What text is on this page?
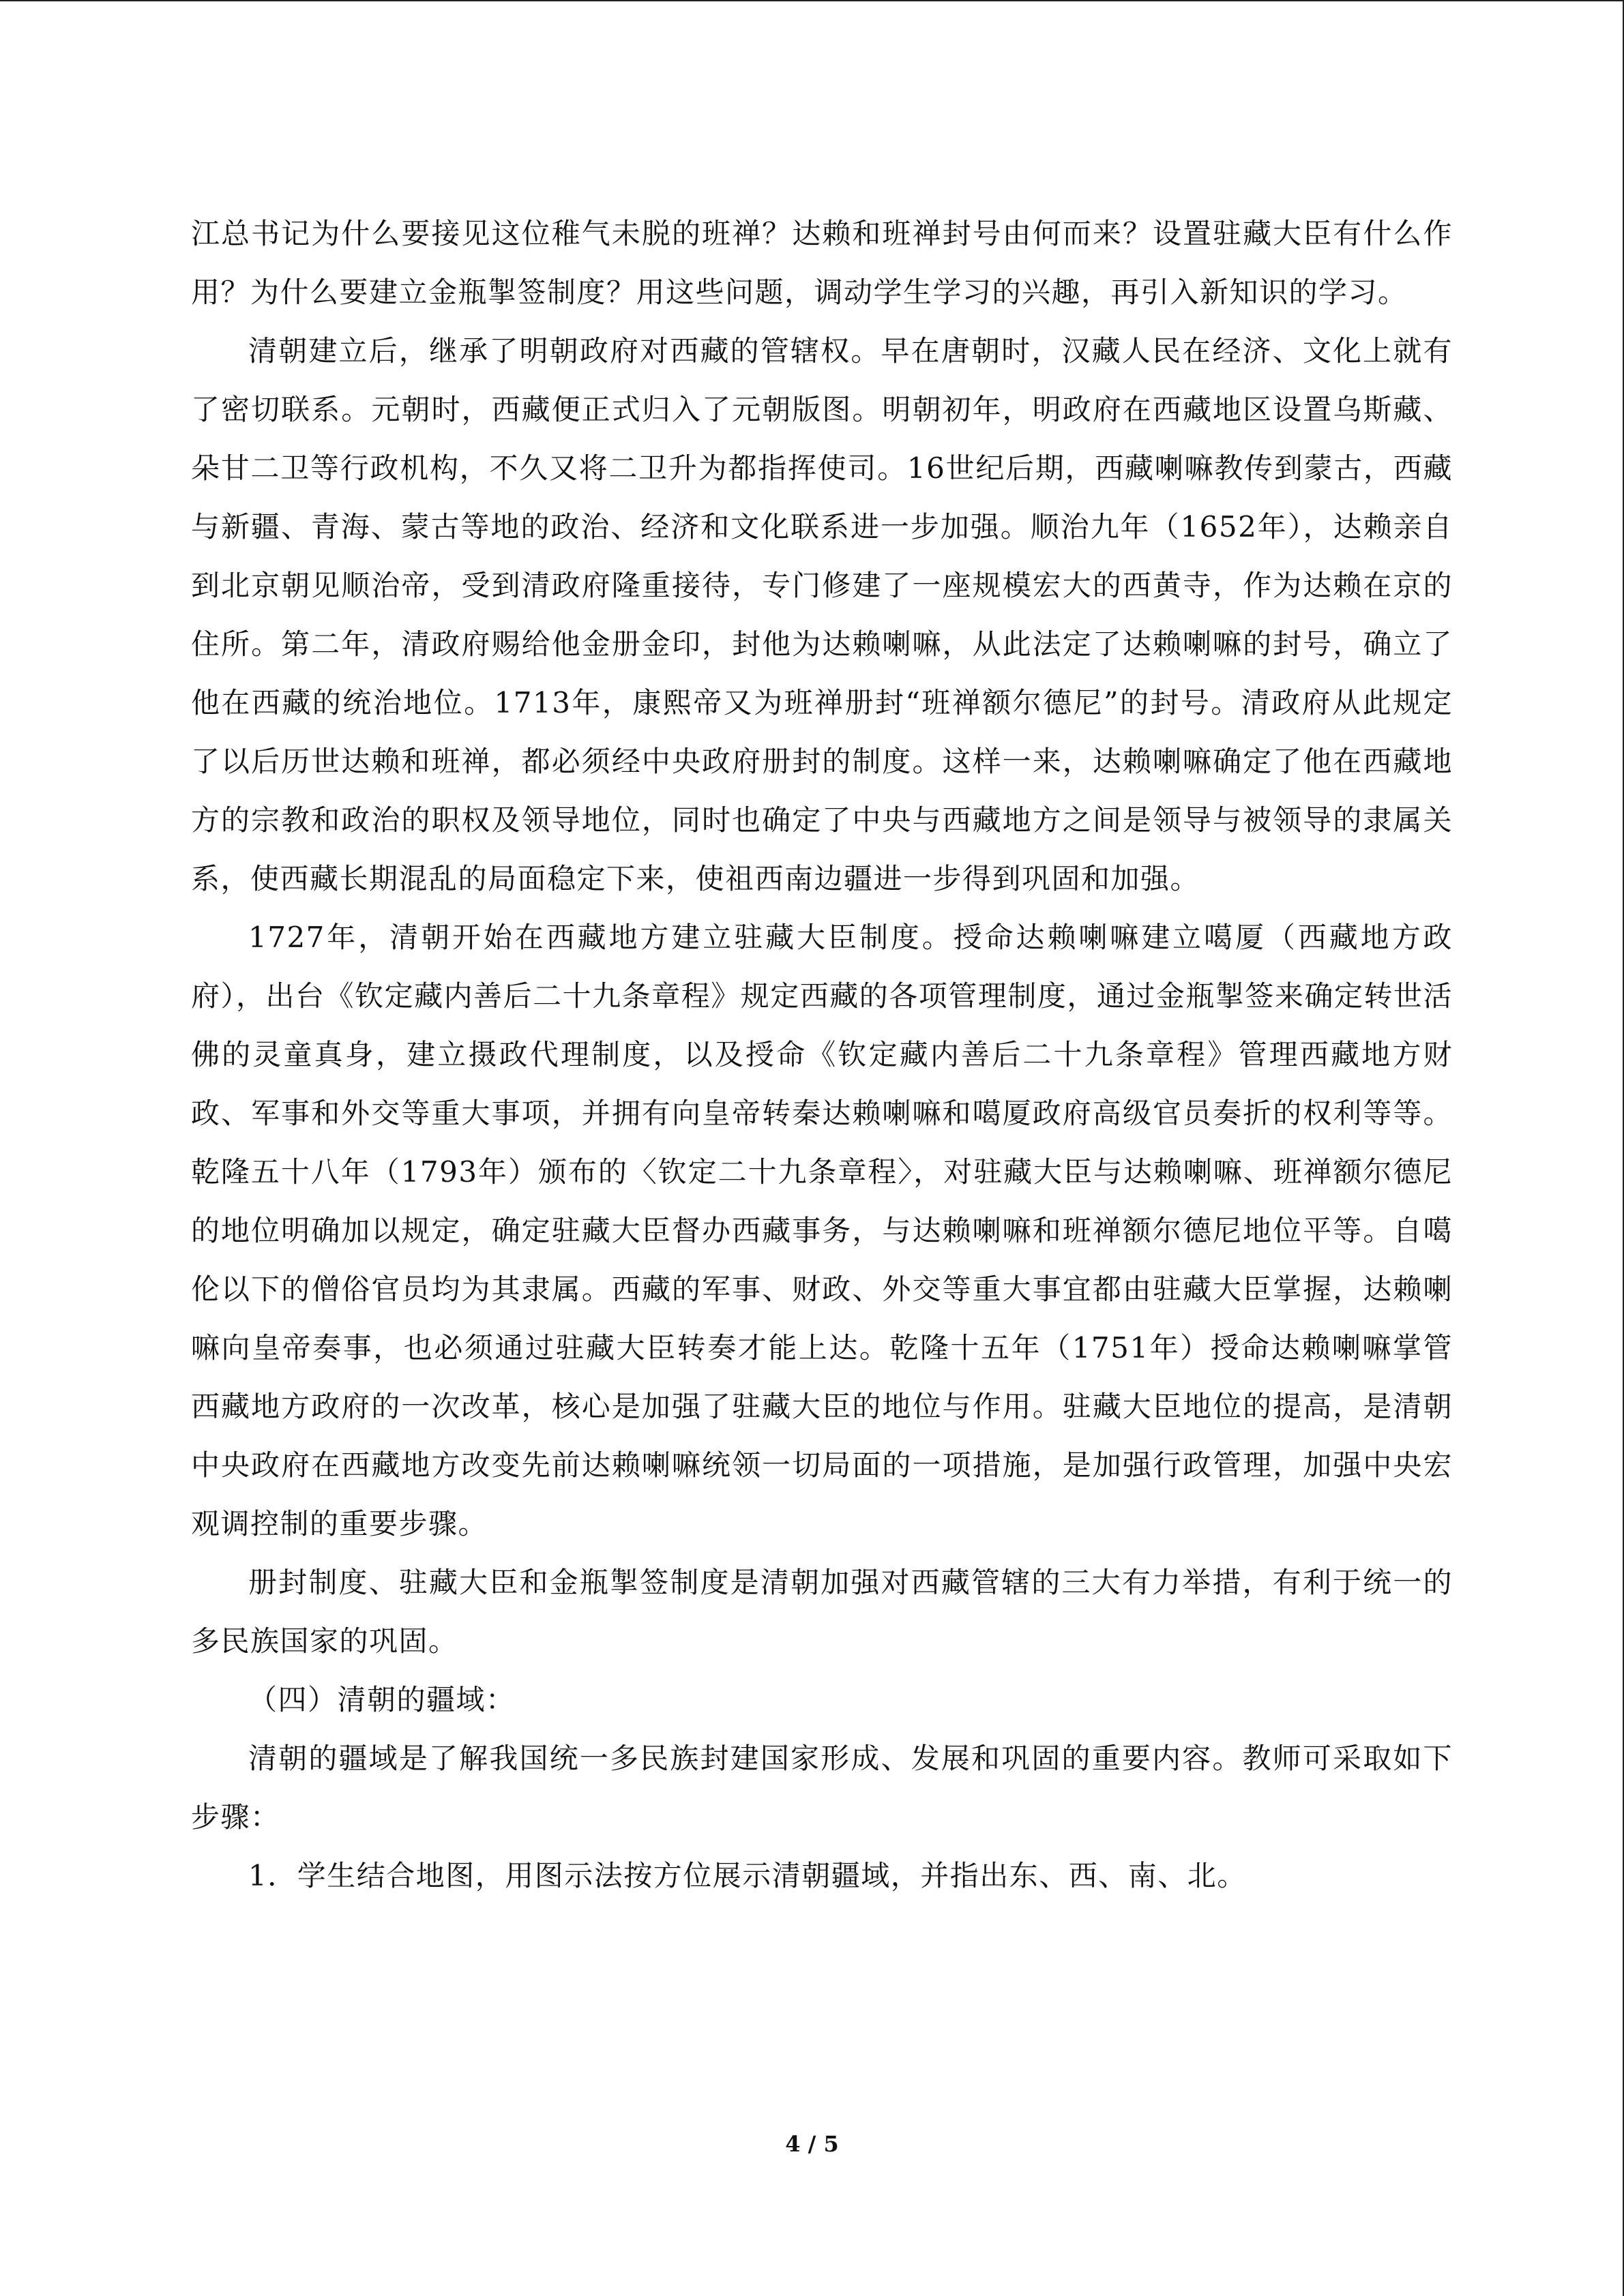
江总书记为什么要接见这位稚气未脱的班禅？达赖和班禅封号由何而来？设置驻藏大臣有什么作用？为什么要建立金瓶掣签制度？用这些问题，调动学生学习的兴趣，再引入新知识的学习。

清朝建立后，继承了明朝政府对西藏的管辖权。早在唐朝时，汉藏人民在经济、文化上就有了密切联系。元朝时，西藏便正式归入了元朝版图。明朝初年，明政府在西藏地区设置乌斯藏、朵甘二卫等行政机构，不久又将二卫升为都指挥使司。16世纪后期，西藏喇嘛教传到蒙古，西藏与新疆、青海、蒙古等地的政治、经济和文化联系进一步加强。顺治九年（1652年），达赖亲自到北京朝见顺治帝，受到清政府隆重接待，专门修建了一座规模宏大的西黄寺，作为达赖在京的住所。第二年，清政府赐给他金册金印，封他为达赖喇嘛，从此法定了达赖喇嘛的封号，确立了他在西藏的统治地位。1713年，康熙帝又为班禅册封“班禅额尔德尼”的封号。清政府从此规定了以后历世达赖和班禅，都必须经中央政府册封的制度。这样一来，达赖喇嘛确定了他在西藏地方的宗教和政治的职权及领导地位，同时也确定了中央与西藏地方之间是领导与被领导的隶属关系，使西藏长期混乱的局面稳定下来，使祖西南边疆进一步得到巩固和加强。

1727年，清朝开始在西藏地方建立驻藏大臣制度。授命达赖喇嘛建立噶厦（西藏地方政府），出台《钦定藏内善后二十九条章程》规定西藏的各项管理制度，通过金瓶掣签来确定转世活佛的灵童真身，建立摄政代理制度，以及授命《钦定藏内善后二十九条章程》管理西藏地方财政、军事和外交等重大事项，并拥有向皇帝转秦达赖喇嘛和噶厦政府高级官员奏折的权利等等。乾隆五十八年（1793年）颁布的〈钦定二十九条章程〉，对驻藏大臣与达赖喇嘛、班禅额尔德尼的地位明确加以规定，确定驻藏大臣督办西藏事务，与达赖喇嘛和班禅额尔德尼地位平等。自噶伦以下的僧俗官员均为其隶属。西藏的军事、财政、外交等重大事宜都由驻藏大臣掌握，达赖喇嘛向皇帝奏事，也必须通过驻藏大臣转奏才能上达。乾隆十五年（1751年）授命达赖喇嘛掌管西藏地方政府的一次改革，核心是加强了驻藏大臣的地位与作用。驻藏大臣地位的提高，是清朝中央政府在西藏地方改变先前达赖喇嘛统领一切局面的一项措施，是加强行政管理，加强中央宏观调控制的重要步骤。

册封制度、驻藏大臣和金瓶掣签制度是清朝加强对西藏管辖的三大有力举措，有利于统一的多民族国家的巩固。

（四）清朝的疆域：

清朝的疆域是了解我国统一多民族封建国家形成、发展和巩固的重要内容。教师可采取如下步骤：

1．学生结合地图，用图示法按方位展示清朝疆域，并指出东、西、南、北。

4 / 5
